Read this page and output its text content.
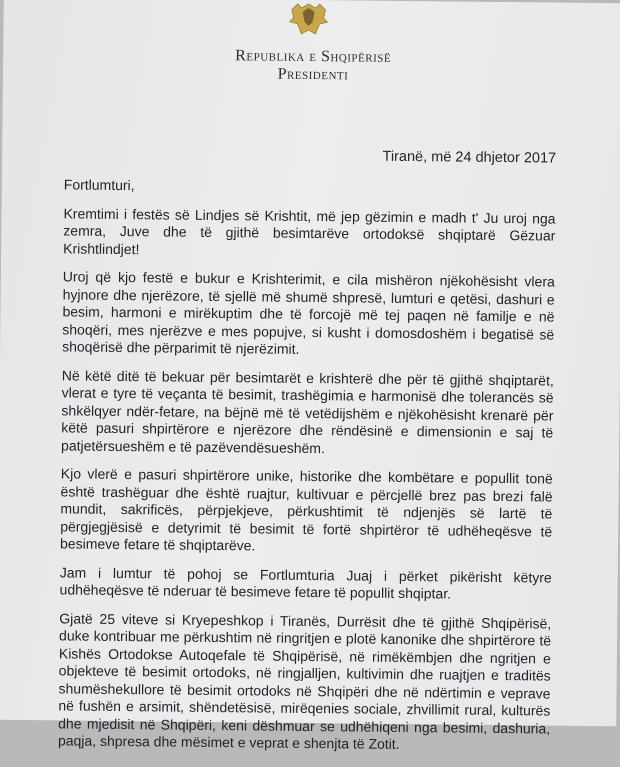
Republika e Shqipërisë
Presidenti
Tiranë, më 24 dhjetor 2017

Fortlumturi,

Kremtimi i festës së Lindjes së Krishtit, më jep gëzimin e madh t' Ju uroj nga zemra, Juve dhe të gjithë besimtarëve ortodoksë shqiptarë Gëzuar Krishtlindjet!

Uroj që kjo festë e bukur e Krishterimit, e cila mishëron njëkohësisht vlera hyjnore dhe njerëzore, të sjellë më shumë shpresë, lumturi e qetësi, dashuri e besim, harmoni e mirëkuptim dhe të forcojë më tej paqen në familje e në shoqëri, mes njerëzve e mes popujve, si kusht i domosdoshëm i begatisë së shoqërisë dhe përparimit të njerëzimit.

Në këtë ditë të bekuar për besimtarët e krishterë dhe për të gjithë shqiptarët, vlerat e tyre të veçanta të besimit, trashëgimia e harmonisë dhe tolerancës së shkëlqyer ndër-fetare, na bëjnë më të vetëdijshëm e njëkohësisht krenarë për këtë pasuri shpirtërore e njerëzore dhe rëndësinë e dimensionin e saj të patjetërsueshëm e të pazëvendësueshëm.

Kjo vlerë e pasuri shpirtërore unike, historike dhe kombëtare e popullit tonë është trashëguar dhe është ruajtur, kultivuar e përcjellë brez pas brezi falë mundit, sakrificës, përpjekjeve, përkushtimit të ndjenjës së lartë të përgjegjësisë e detyrimit të besimit të fortë shpirtëror të udhëheqësve të besimeve fetare të shqiptarëve.

Jam i lumtur të pohoj se Fortlumturia Juaj i përket pikërisht këtyre udhëheqësve të nderuar të besimeve fetare të popullit shqiptar.

Gjatë 25 viteve si Kryepeshkop i Tiranës, Durrësit dhe të gjithë Shqipërisë, duke kontribuar me përkushtim në ringritjen e plotë kanonike dhe shpirtërore të Kishës Ortodokse Autoqefale të Shqipërisë, në rimëkëmbjen dhe ngritjen e objekteve të besimit ortodoks, në ringjalljen, kultivimin dhe ruajtjen e traditës shumëshekullore të besimit ortodoks në Shqipëri dhe në ndërtimin e veprave në fushën e arsimit, shëndetësisë, mirëqenies sociale, zhvillimit rural, kulturës dhe mjedisit në Shqipëri, keni dëshmuar se udhëhiqeni nga besimi, dashuria, paqja, shpresa dhe mësimet e veprat e shenjta të Zotit.
